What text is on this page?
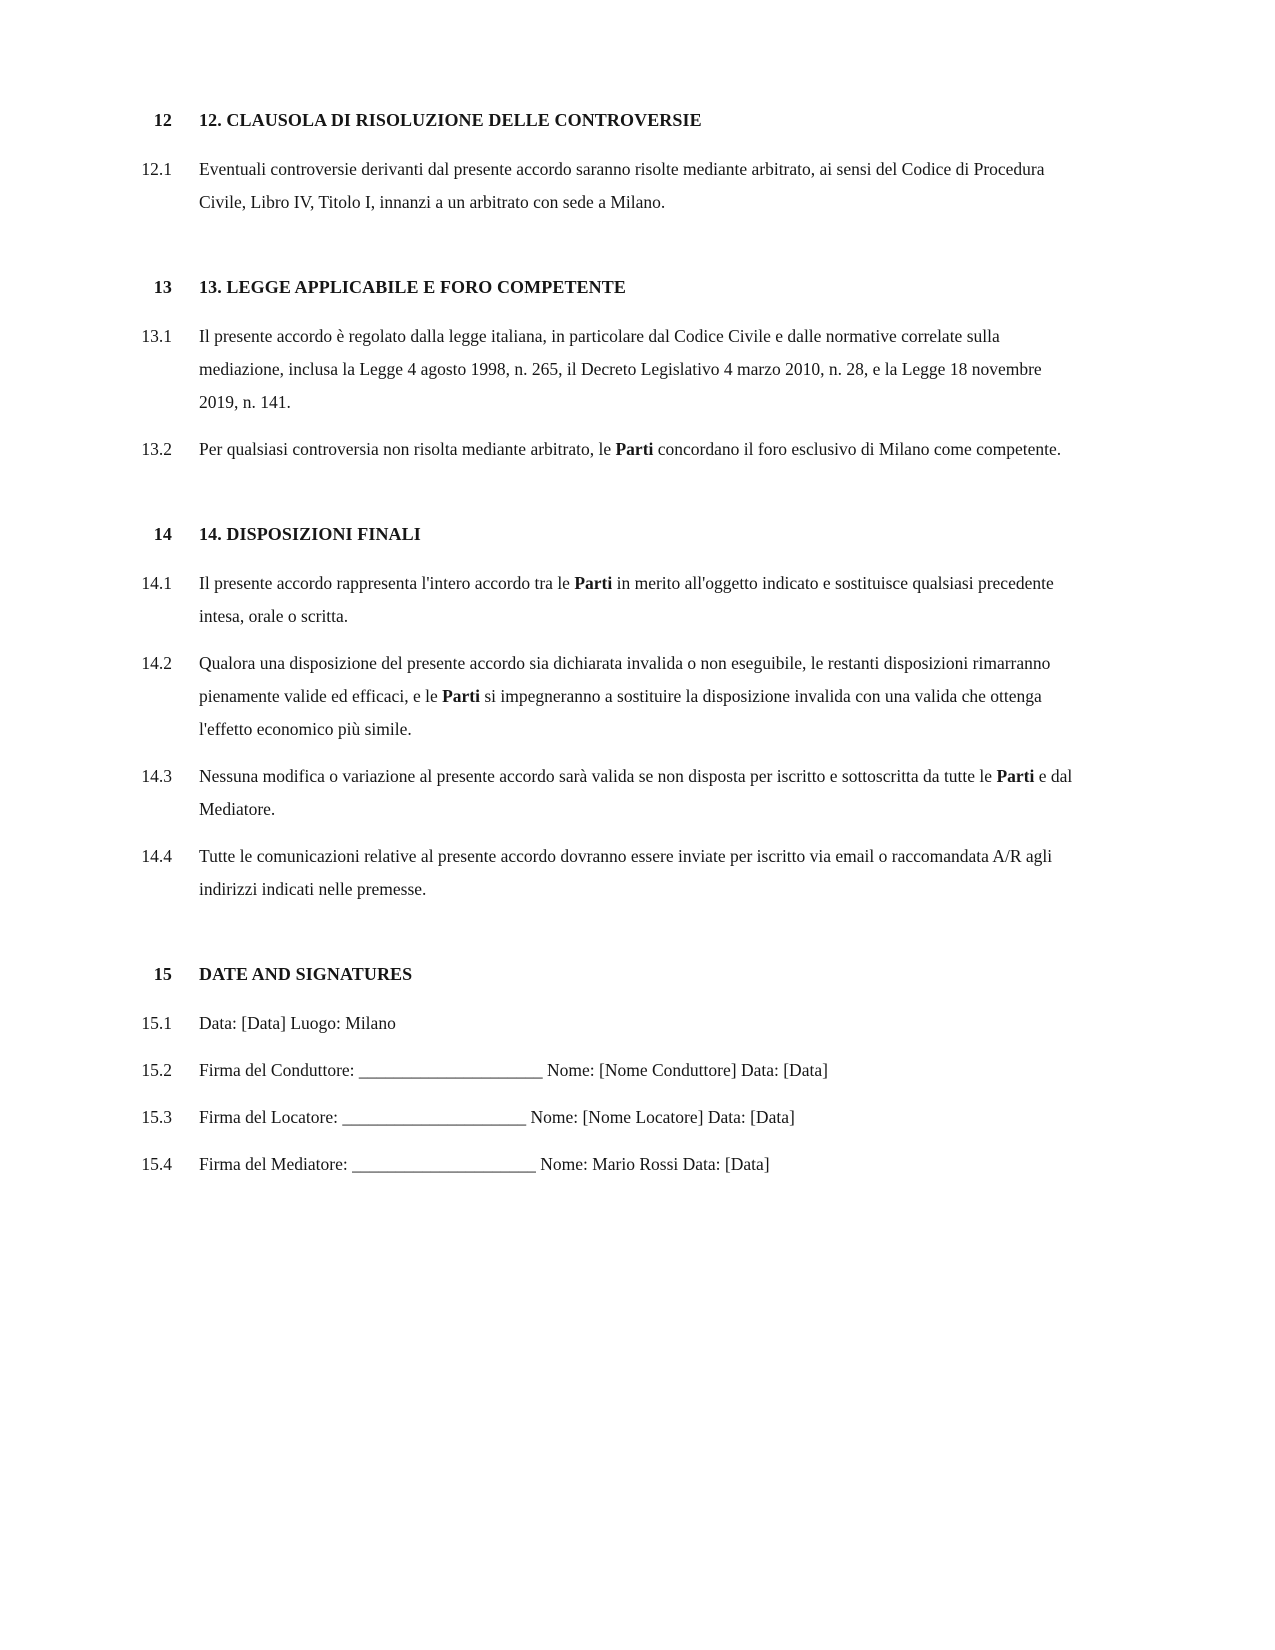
12 12. CLAUSOLA DI RISOLUZIONE DELLE CONTROVERSIE
12.1 Eventuali controversie derivanti dal presente accordo saranno risolte mediante arbitrato, ai sensi del Codice di Procedura Civile, Libro IV, Titolo I, innanzi a un arbitrato con sede a Milano.
13 13. LEGGE APPLICABILE E FORO COMPETENTE
13.1 Il presente accordo è regolato dalla legge italiana, in particolare dal Codice Civile e dalle normative correlate sulla mediazione, inclusa la Legge 4 agosto 1998, n. 265, il Decreto Legislativo 4 marzo 2010, n. 28, e la Legge 18 novembre 2019, n. 141.
13.2 Per qualsiasi controversia non risolta mediante arbitrato, le Parti concordano il foro esclusivo di Milano come competente.
14 14. DISPOSIZIONI FINALI
14.1 Il presente accordo rappresenta l'intero accordo tra le Parti in merito all'oggetto indicato e sostituisce qualsiasi precedente intesa, orale o scritta.
14.2 Qualora una disposizione del presente accordo sia dichiarata invalida o non eseguibile, le restanti disposizioni rimarranno pienamente valide ed efficaci, e le Parti si impegneranno a sostituire la disposizione invalida con una valida che ottenga l'effetto economico più simile.
14.3 Nessuna modifica o variazione al presente accordo sarà valida se non disposta per iscritto e sottoscritta da tutte le Parti e dal Mediatore.
14.4 Tutte le comunicazioni relative al presente accordo dovranno essere inviate per iscritto via email o raccomandata A/R agli indirizzi indicati nelle premesse.
15 DATE AND SIGNATURES
15.1 Data: [Data] Luogo: Milano
15.2 Firma del Conduttore: _____________________ Nome: [Nome Conduttore] Data: [Data]
15.3 Firma del Locatore: _____________________ Nome: [Nome Locatore] Data: [Data]
15.4 Firma del Mediatore: _____________________ Nome: Mario Rossi Data: [Data]
